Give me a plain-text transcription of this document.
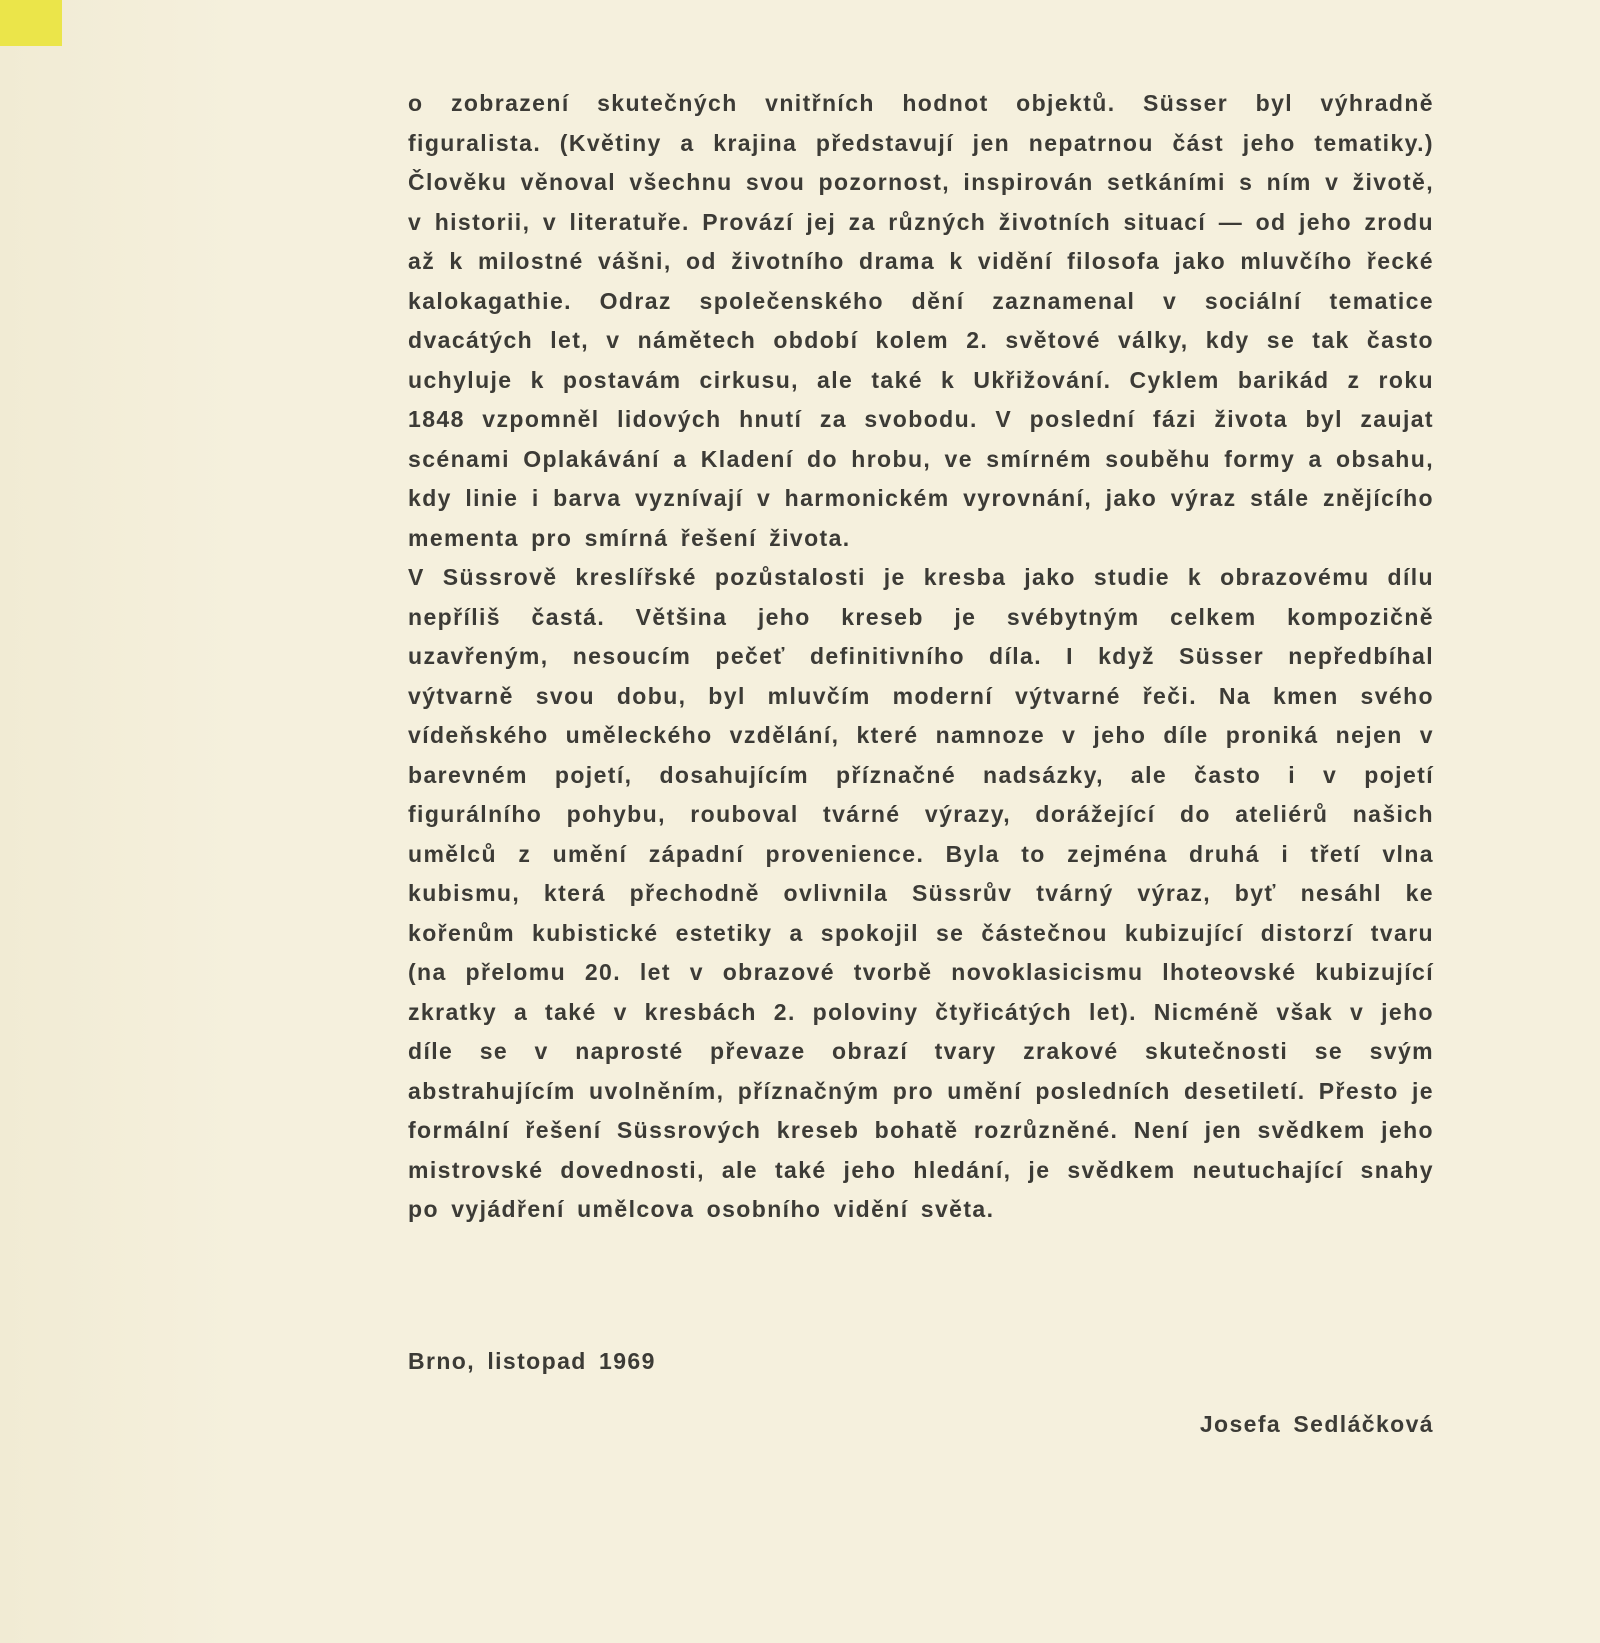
o zobrazení skutečných vnitřních hodnot objektů. Süsser byl výhradně figuralista. (Květiny a krajina představují jen nepatrnou část jeho tematiky.) Člověku věnoval všechnu svou pozornost, inspirován setkáními s ním v životě, v historii, v literatuře. Provází jej za různých životních situací — od jeho zrodu až k milostné vášni, od životního drama k vidění filosofa jako mluvčího řecké kalokagathie. Odraz společenského dění zaznamenal v sociální tematice dvacátých let, v námětech období kolem 2. světové války, kdy se tak často uchyluje k postavám cirkusu, ale také k Ukřižování. Cyklem barikád z roku 1848 vzpomněl lidových hnutí za svobodu. V poslední fázi života byl zaujat scénami Oplakávání a Kladení do hrobu, ve smírném souběhu formy a obsahu, kdy linie i barva vyznívají v harmonickém vyrovnání, jako výraz stále znějícího mementa pro smírná řešení života.

V Süssrově kreslířské pozůstalosti je kresba jako studie k obrazovému dílu nepříliš častá. Většina jeho kreseb je svébytným celkem kompozičně uzavřeným, nesoucím pečeť definitivního díla. I když Süsser nepředbíhal výtvarně svou dobu, byl mluvčím moderní výtvarné řeči. Na kmen svého vídeňského uměleckého vzdělání, které namnoze v jeho díle proniká nejen v barevném pojetí, dosahujícím příznačné nadsázky, ale často i v pojetí figurálního pohybu, rouboval tvárné výrazy, dorážející do ateliérů našich umělců z umění západní provenience. Byla to zejména druhá i třetí vlna kubismu, která přechodně ovlivnila Süssrův tvárný výraz, byť nesáhl ke kořenům kubistické estetiky a spokojil se částečnou kubizující distorzí tvaru (na přelomu 20. let v obrazové tvorbě novoklasicismu lhoteovské kubizující zkratky a také v kresbách 2. poloviny čtyřicátých let). Nicméně však v jeho díle se v naprosté převaze obrazí tvary zrakové skutečnosti se svým abstrahujícím uvolněním, příznačným pro umění posledních desetiletí. Přesto je formální řešení Süssrových kreseb bohatě rozrůzněné. Není jen svědkem jeho mistrovské dovednosti, ale také jeho hledání, je svědkem neutuchající snahy po vyjádření umělcova osobního vidění světa.

Brno, listopad 1969

Josefa Sedláčková
